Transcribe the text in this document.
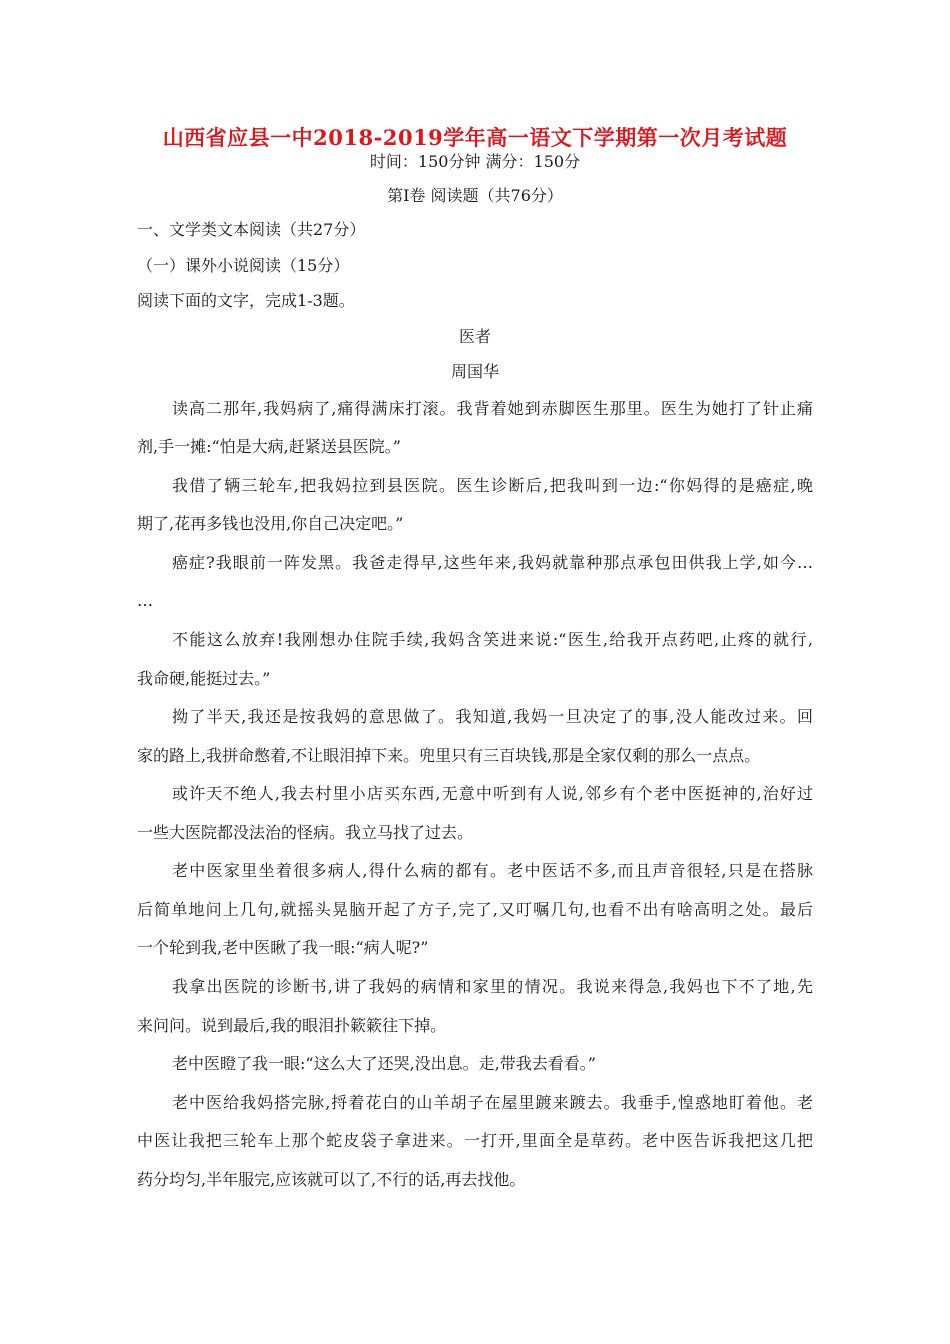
山西省应县一中2018-2019学年高一语文下学期第一次月考试题
时间：150分钟 满分：150分
第Ⅰ卷 阅读题（共76分）
一、文学类文本阅读（共27分）
（一）课外小说阅读（15分）
阅读下面的文字，完成1-3题。
医者
周国华
读高二那年,我妈病了,痛得满床打滚。我背着她到赤脚医生那里。医生为她打了针止痛
剂,手一摊:“怕是大病,赶紧送县医院。”
我借了辆三轮车,把我妈拉到县医院。医生诊断后,把我叫到一边:“你妈得的是癌症,晚
期了,花再多钱也没用,你自己决定吧。”
癌症?我眼前一阵发黑。我爸走得早,这些年来,我妈就靠种那点承包田供我上学,如今…
…
不能这么放弃!我刚想办住院手续,我妈含笑进来说:“医生,给我开点药吧,止疼的就行,
我命硬,能挺过去。”
拗了半天,我还是按我妈的意思做了。我知道,我妈一旦决定了的事,没人能改过来。回
家的路上,我拼命憋着,不让眼泪掉下来。兜里只有三百块钱,那是全家仅剩的那么一点点。
或许天不绝人,我去村里小店买东西,无意中听到有人说,邻乡有个老中医挺神的,治好过
一些大医院都没法治的怪病。我立马找了过去。
老中医家里坐着很多病人,得什么病的都有。老中医话不多,而且声音很轻,只是在搭脉
后简单地问上几句,就摇头晃脑开起了方子,完了,又叮嘱几句,也看不出有啥高明之处。最后
一个轮到我,老中医瞅了我一眼:“病人呢?”
我拿出医院的诊断书,讲了我妈的病情和家里的情况。我说来得急,我妈也下不了地,先
来问问。说到最后,我的眼泪扑簌簌往下掉。
老中医瞪了我一眼:“这么大了还哭,没出息。走,带我去看看。”
老中医给我妈搭完脉,捋着花白的山羊胡子在屋里踱来踱去。我垂手,惶惑地盯着他。老
中医让我把三轮车上那个蛇皮袋子拿进来。一打开,里面全是草药。老中医告诉我把这几把
药分均匀,半年服完,应该就可以了,不行的话,再去找他。
